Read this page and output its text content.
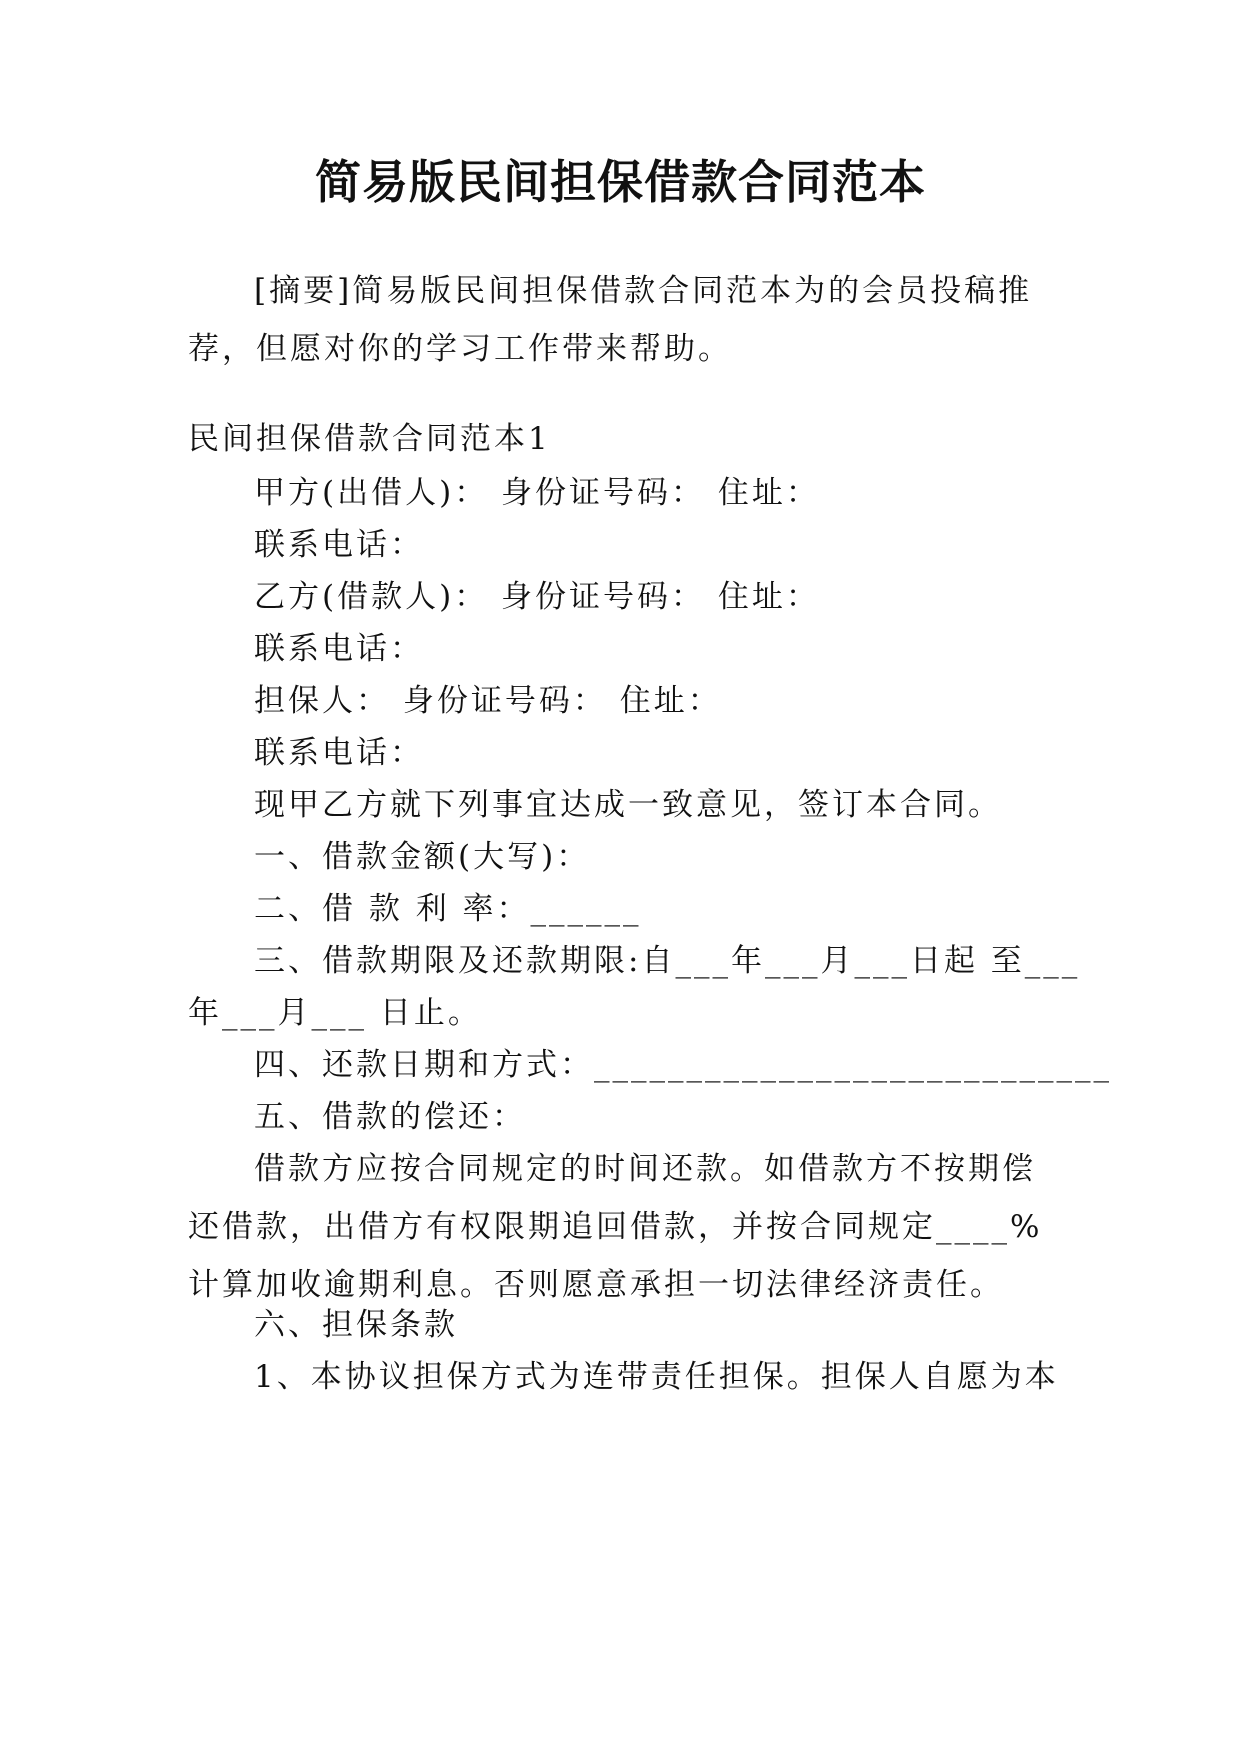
简易版民间担保借款合同范本

[摘要]简易版民间担保借款合同范本为的会员投稿推荐，但愿对你的学习工作带来帮助。

民间担保借款合同范本1

甲方(出借人)： 身份证号码： 住址：

联系电话：

乙方(借款人)： 身份证号码： 住址：

联系电话：

担保人： 身份证号码： 住址：

联系电话：

现甲乙方就下列事宜达成一致意见，签订本合同。

一、借款金额(大写)：

二、借 款 利 率：______

三、借款期限及还款期限:自___年___月___日起 至___

年___月___ 日止。

四、还款日期和方式：____________________________

五、借款的偿还：

借款方应按合同规定的时间还款。如借款方不按期偿还借款，出借方有权限期追回借款，并按合同规定____%计算加收逾期利息。否则愿意承担一切法律经济责任。

六、担保条款

1、本协议担保方式为连带责任担保。担保人自愿为本
